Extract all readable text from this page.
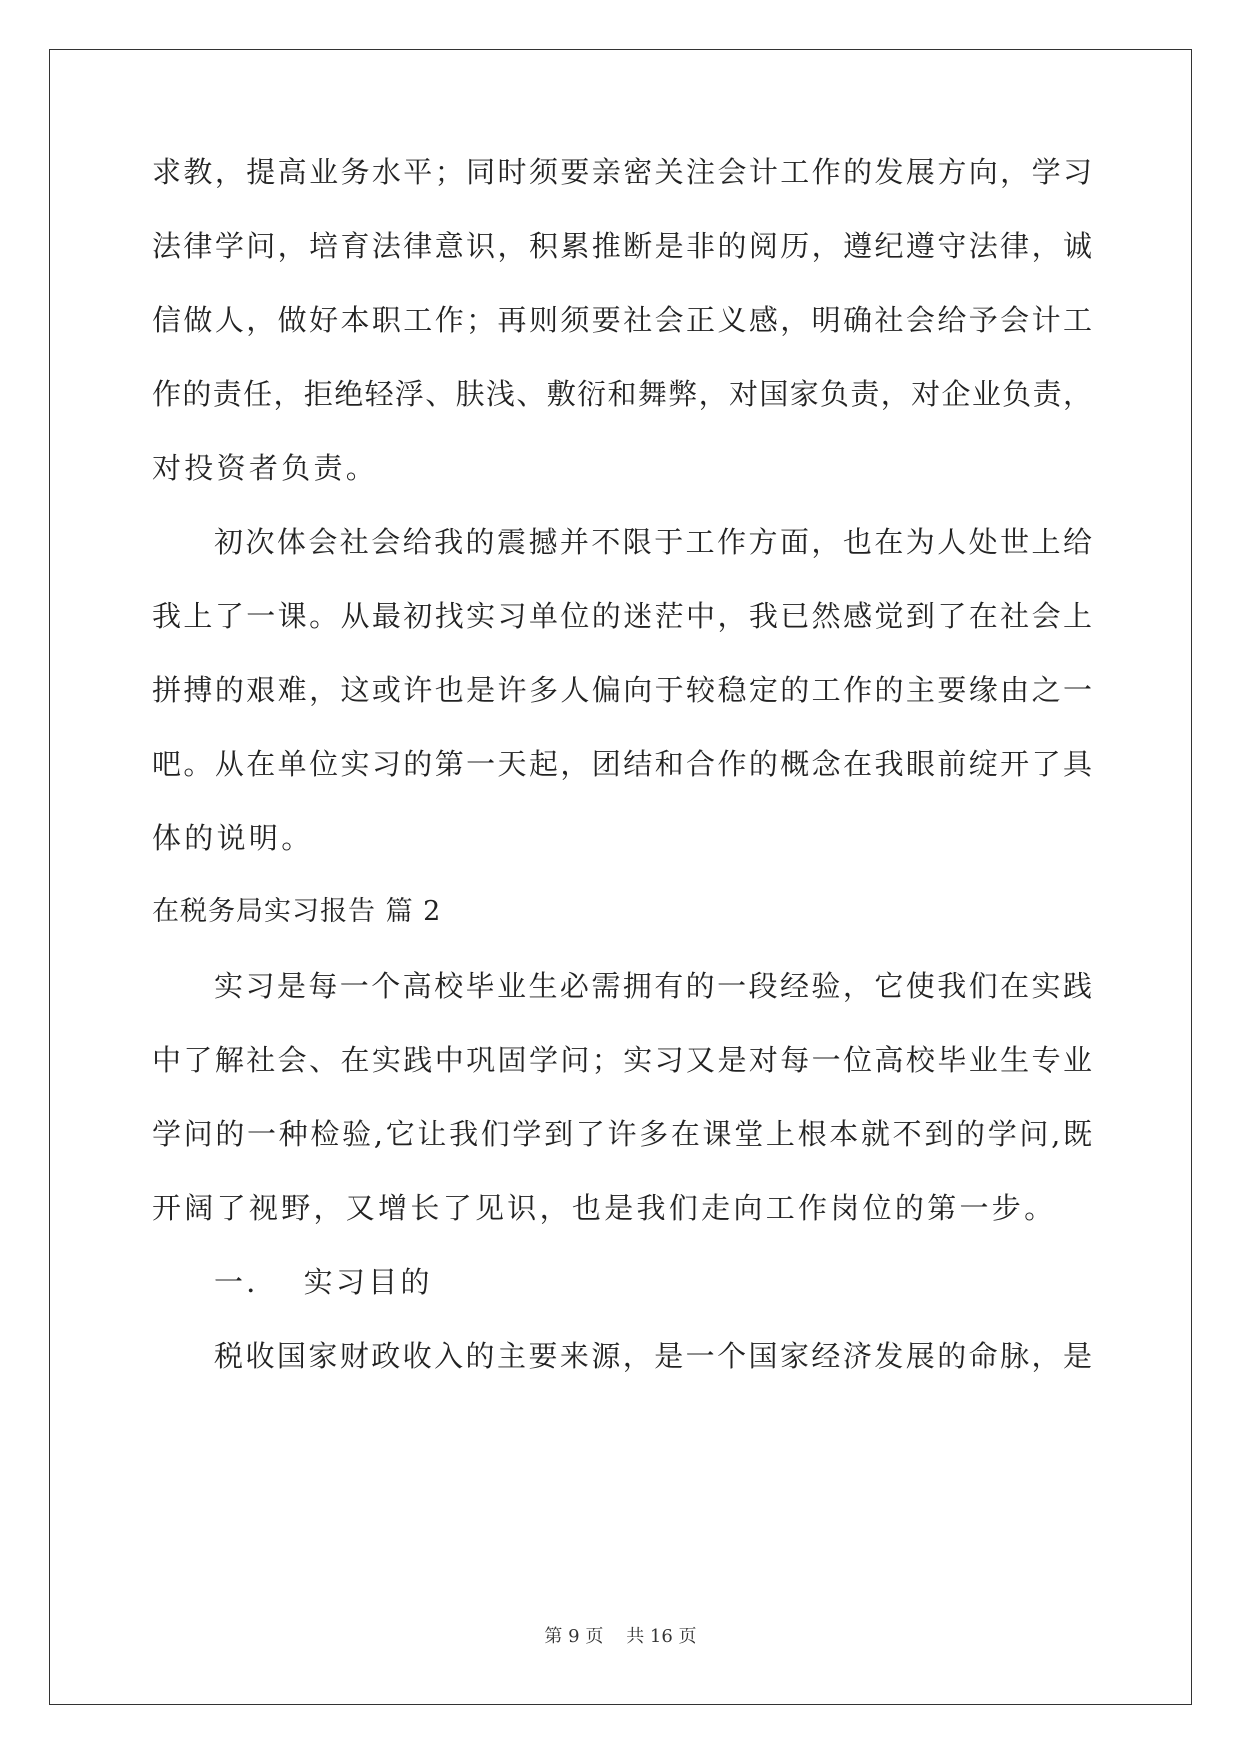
求教，提高业务水平；同时须要亲密关注会计工作的发展方向，学习
法律学问，培育法律意识，积累推断是非的阅历，遵纪遵守法律，诚
信做人，做好本职工作；再则须要社会正义感，明确社会给予会计工
作的责任，拒绝轻浮、肤浅、敷衍和舞弊，对国家负责，对企业负责，
对投资者负责。
初次体会社会给我的震撼并不限于工作方面，也在为人处世上给
我上了一课。从最初找实习单位的迷茫中，我已然感觉到了在社会上
拼搏的艰难，这或许也是许多人偏向于较稳定的工作的主要缘由之一
吧。从在单位实习的第一天起，团结和合作的概念在我眼前绽开了具
体的说明。
在税务局实习报告 篇 2
实习是每一个高校毕业生必需拥有的一段经验，它使我们在实践
中了解社会、在实践中巩固学问；实习又是对每一位高校毕业生专业
学问的一种检验,它让我们学到了许多在课堂上根本就不到的学问,既
开阔了视野，又增长了见识，也是我们走向工作岗位的第一步。
一．  实习目的
税收国家财政收入的主要来源，是一个国家经济发展的命脉，是
第 9 页    共 16 页
